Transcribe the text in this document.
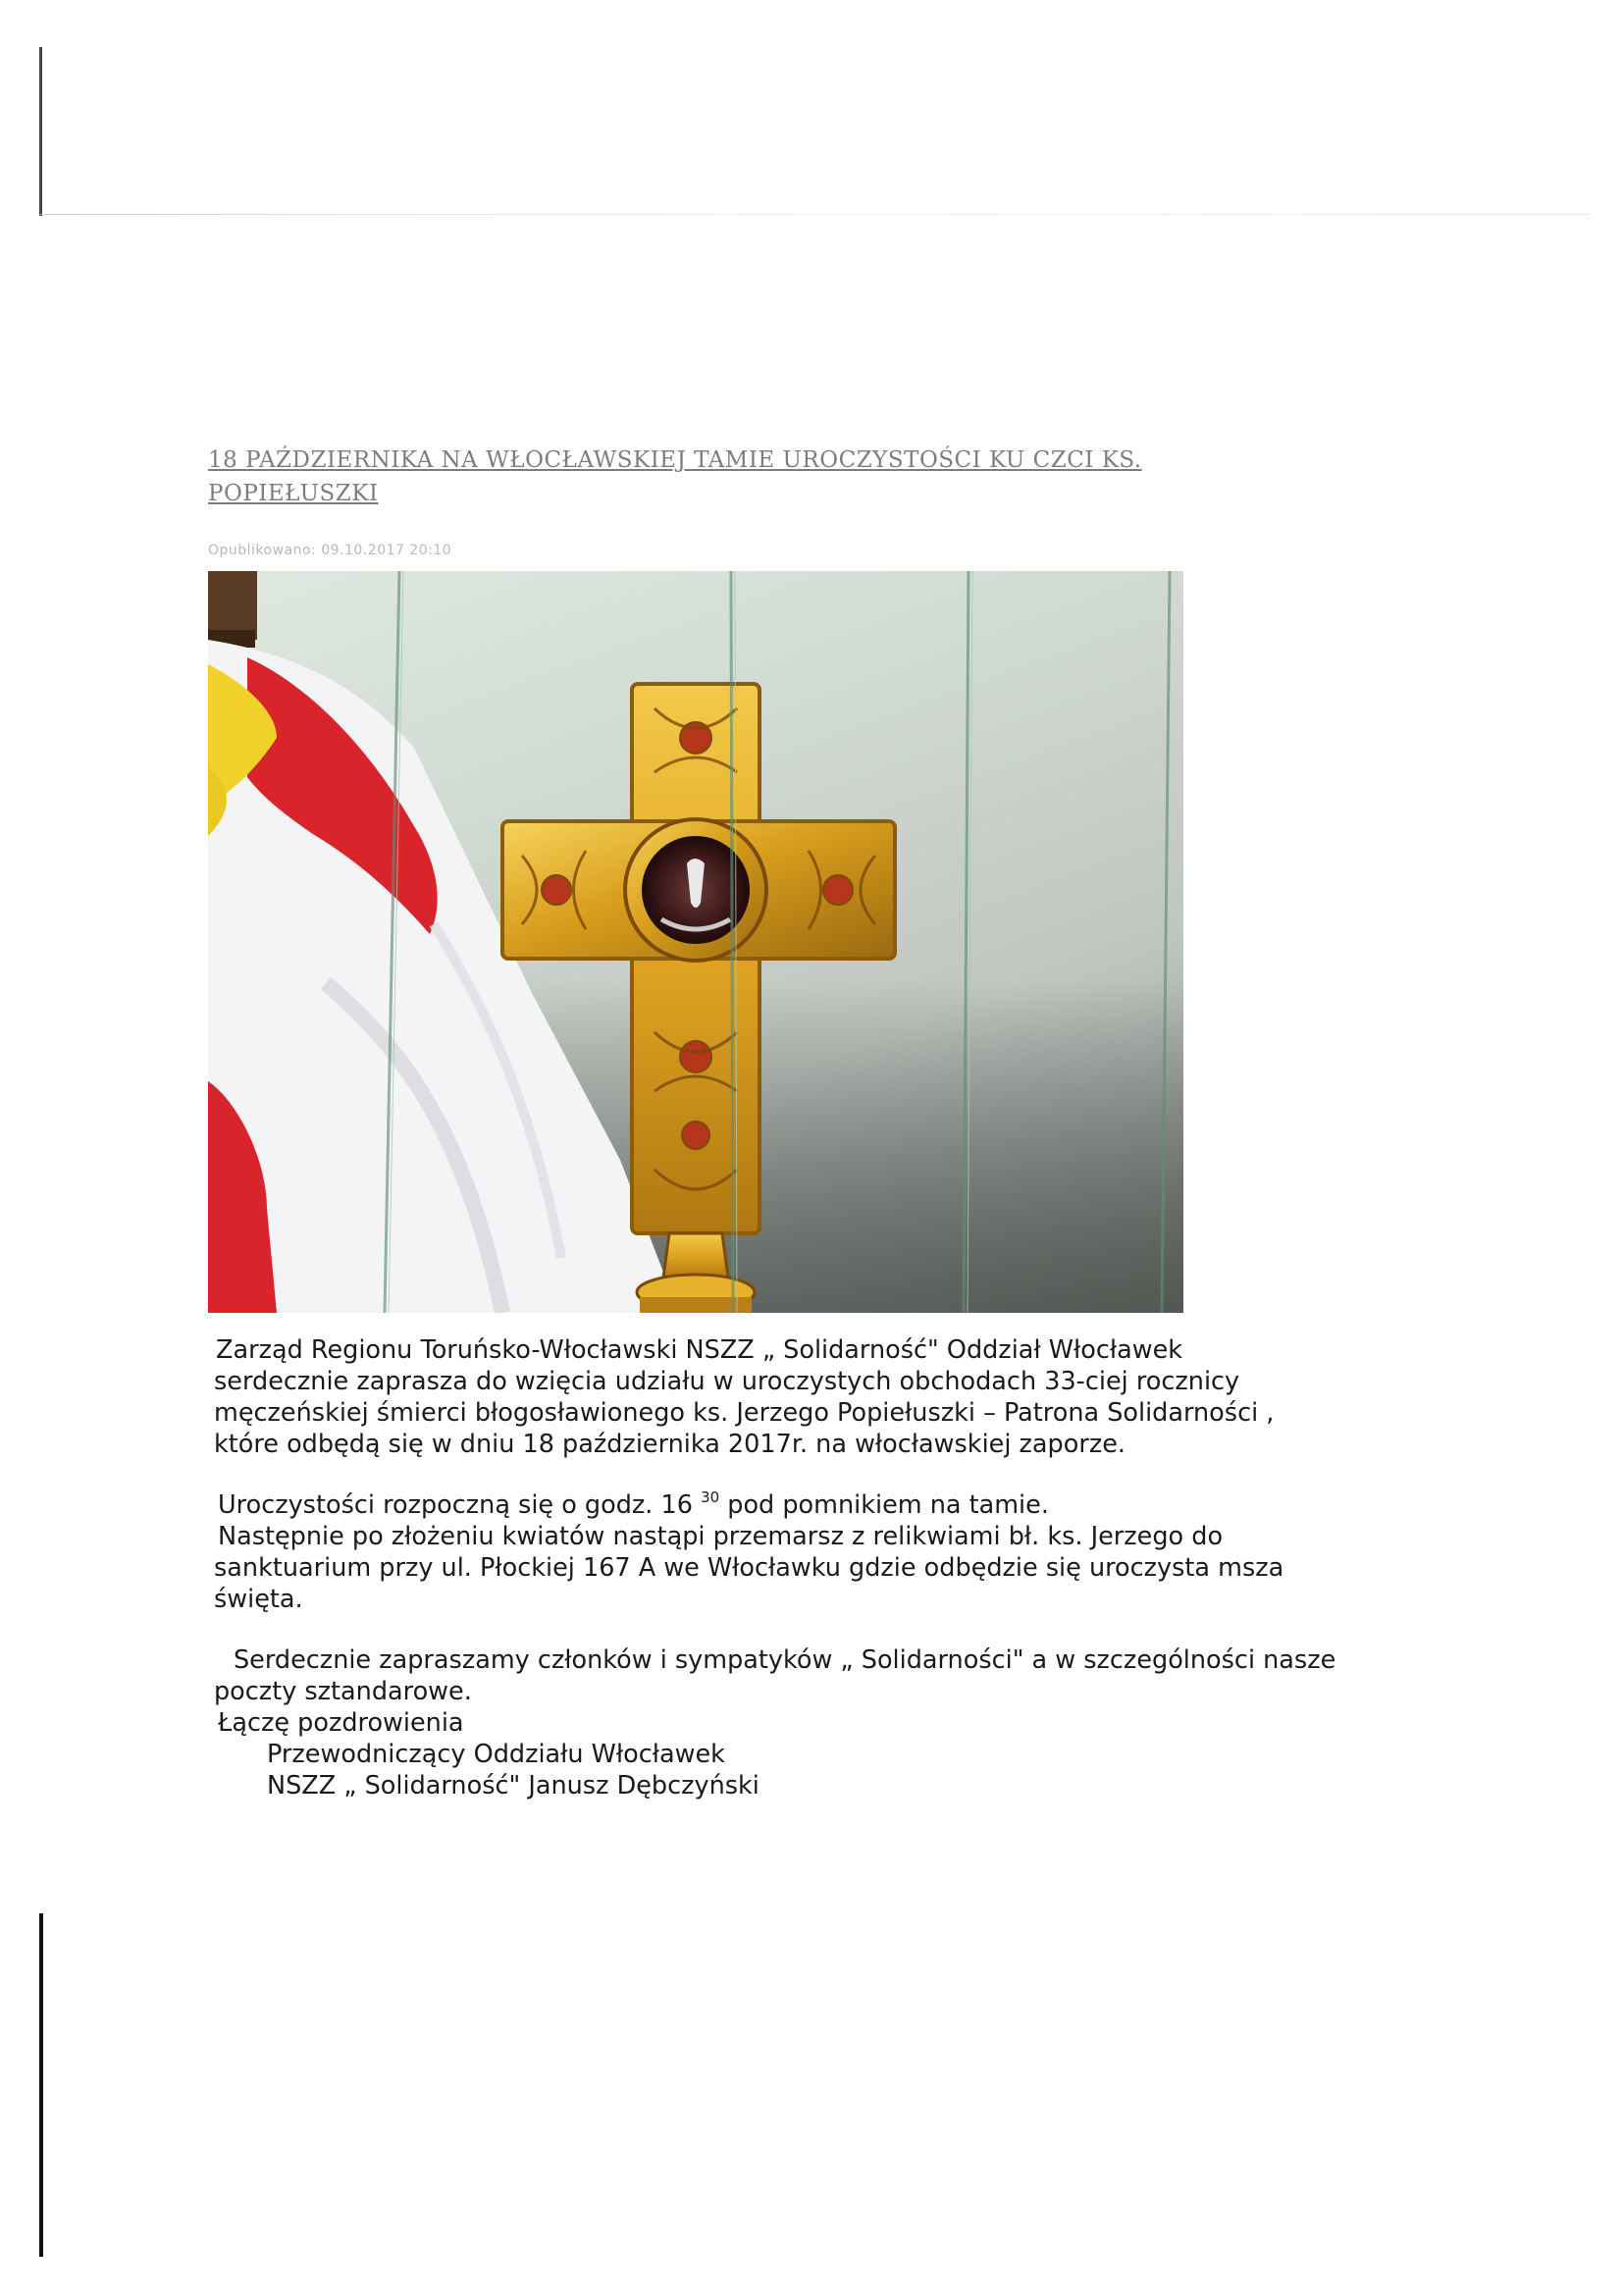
18 PAŹDZIERNIKA NA WŁOCŁAWSKIEJ TAMIE UROCZYSTOŚCI KU CZCI KS. POPIEŁUSZKI
Opublikowano: 09.10.2017 20:10

Zarząd Regionu Toruńsko-Włocławski NSZZ „ Solidarność" Oddział Włocławek

serdecznie zaprasza do wzięcia udziału w uroczystych obchodach 33-ciej rocznicy

męczeńskiej śmierci błogosławionego ks. Jerzego Popiełuszki – Patrona Solidarności ,

które odbędą się w dniu 18 października 2017r. na włocławskiej zaporze.

Uroczystości rozpoczną się o godz. 16 $^{30}$ pod pomnikiem na tamie.

Następnie po złożeniu kwiatów nastąpi przemarsz z relikwiami bł. ks. Jerzego do

sanktuarium przy ul. Płockiej 167 A we Włocławku gdzie odbędzie się uroczysta msza

święta.

Serdecznie zapraszamy członków i sympatyków „ Solidarności" a w szczególności nasze

poczty sztandarowe.

Łączę pozdrowienia

Przewodniczący Oddziału Włocławek

NSZZ „ Solidarność" Janusz Dębczyński
